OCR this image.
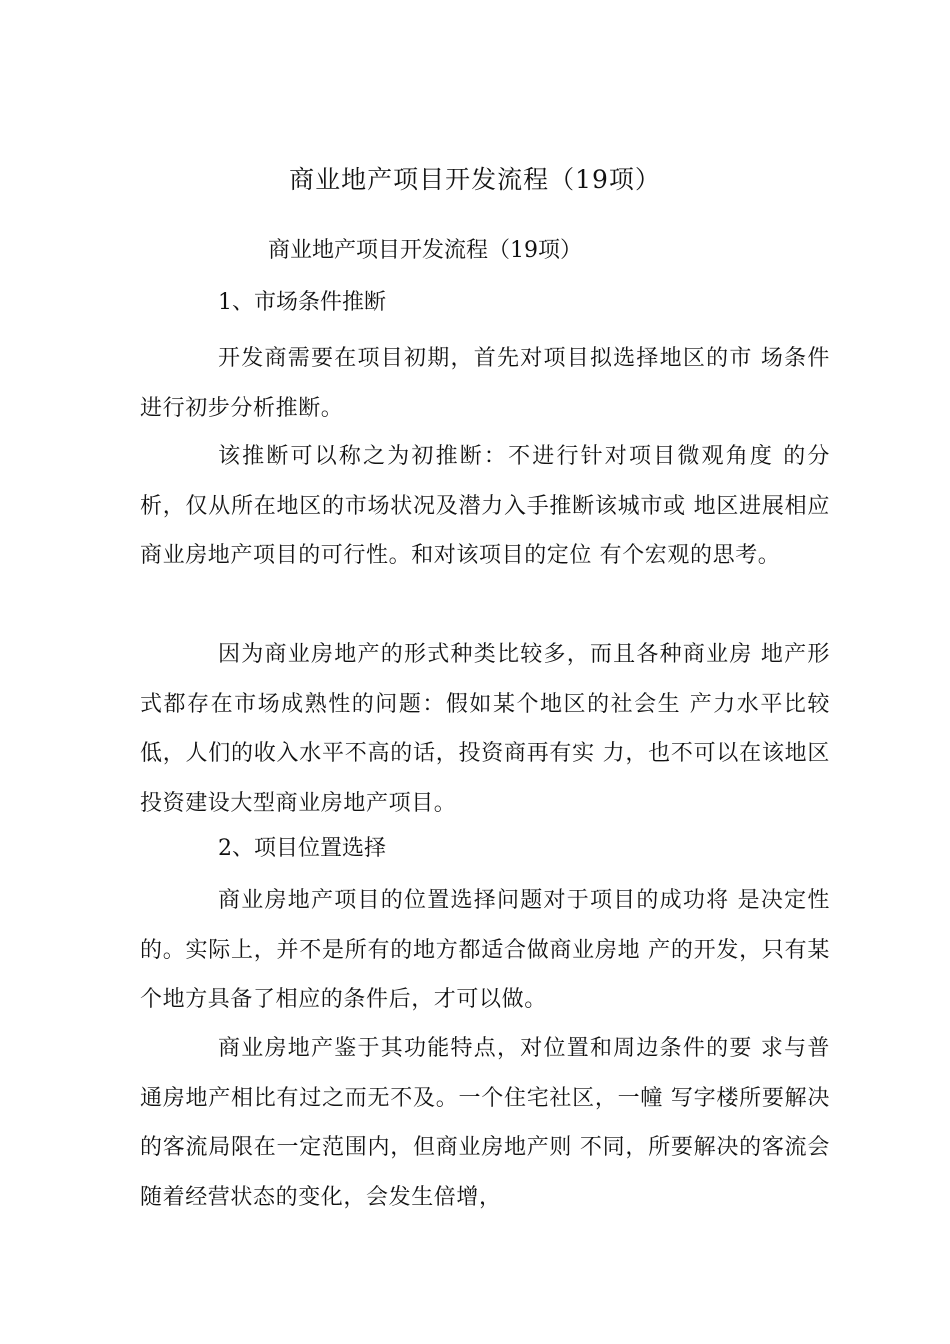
商业地产项目开发流程（19项）

商业地产项目开发流程（19项）

1、市场条件推断

开发商需要在项目初期，首先对项目拟选择地区的市 场条件进行初步分析推断。

该推断可以称之为初推断：不进行针对项目微观角度 的分析，仅从所在地区的市场状况及潜力入手推断该城市或 地区进展相应商业房地产项目的可行性。和对该项目的定位 有个宏观的思考。

因为商业房地产的形式种类比较多，而且各种商业房 地产形式都存在市场成熟性的问题：假如某个地区的社会生 产力水平比较低，人们的收入水平不高的话，投资商再有实 力，也不可以在该地区投资建设大型商业房地产项目。

2、项目位置选择

商业房地产项目的位置选择问题对于项目的成功将 是决定性的。实际上，并不是所有的地方都适合做商业房地 产的开发，只有某个地方具备了相应的条件后，才可以做。

商业房地产鉴于其功能特点，对位置和周边条件的要 求与普通房地产相比有过之而无不及。一个住宅社区，一幢 写字楼所要解决的客流局限在一定范围内，但商业房地产则 不同，所要解决的客流会随着经营状态的变化，会发生倍增，
